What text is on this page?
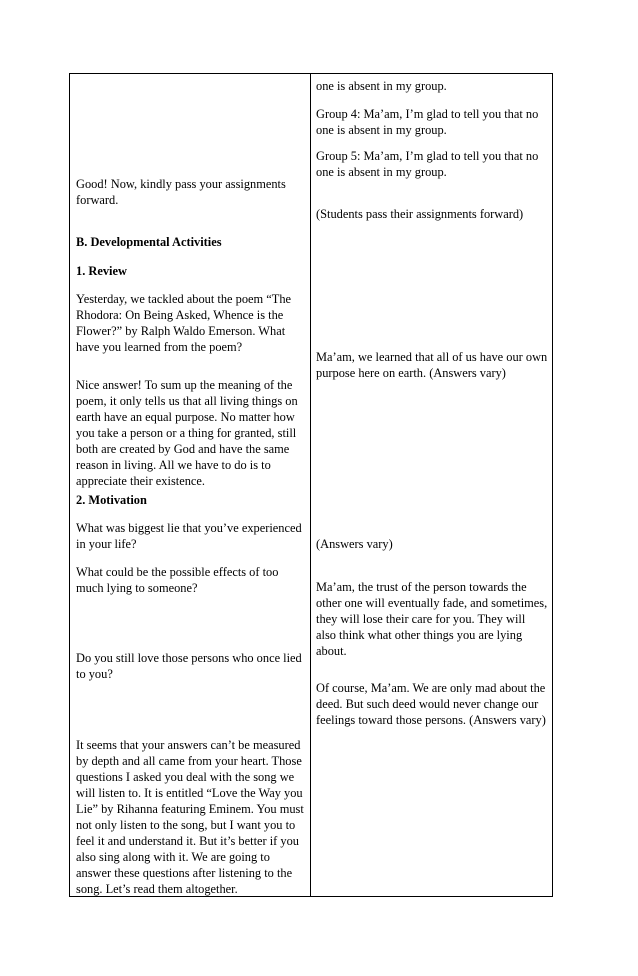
Good! Now, kindly pass your assignments forward.

B. Developmental Activities

1. Review

Yesterday, we tackled about the poem “The Rhodora: On Being Asked, Whence is the Flower?” by Ralph Waldo Emerson. What have you learned from the poem?

Nice answer! To sum up the meaning of the poem, it only tells us that all living things on earth have an equal purpose. No matter how you take a person or a thing for granted, still both are created by God and have the same reason in living. All we have to do is to appreciate their existence.

2. Motivation

What was biggest lie that you’ve experienced in your life?

What could be the possible effects of too much lying to someone?

Do you still love those persons who once lied to you?

It seems that your answers can’t be measured by depth and all came from your heart. Those questions I asked you deal with the song we will listen to. It is entitled “Love the Way you Lie” by Rihanna featuring Eminem. You must not only listen to the song, but I want you to feel it and understand it. But it’s better if you also sing along with it. We are going to answer these questions after listening to the song. Let’s read them altogether.

one is absent in my group.

Group 4: Ma’am, I’m glad to tell you that no one is absent in my group.

Group 5: Ma’am, I’m glad to tell you that no one is absent in my group.

(Students pass their assignments forward)

Ma’am, we learned that all of us have our own purpose here on earth. (Answers vary)

(Answers vary)

Ma’am, the trust of the person towards the other one will eventually fade, and sometimes, they will lose their care for you. They will also think what other things you are lying about.

Of course, Ma’am. We are only mad about the deed. But such deed would never change our feelings toward those persons. (Answers vary)
